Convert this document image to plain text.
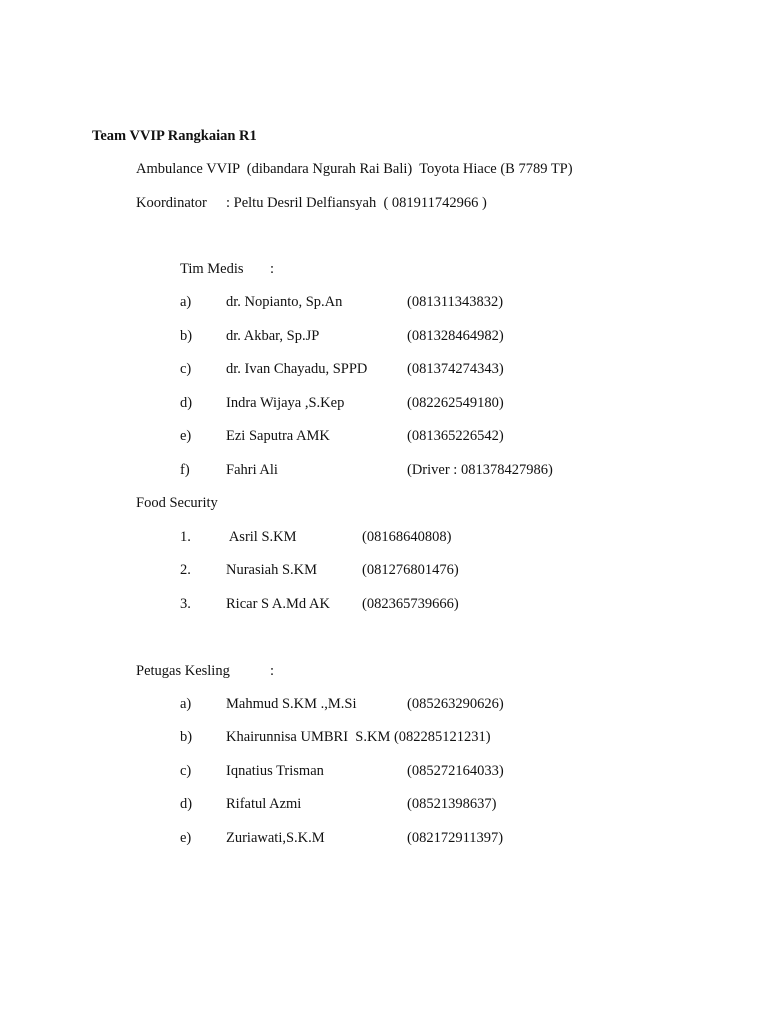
Team VVIP Rangkaian R1
Ambulance VVIP  (dibandara Ngurah Rai Bali)  Toyota Hiace (B 7789 TP)
Koordinator : Peltu Desril Delfiansyah  ( 081911742966 )
Tim Medis :
a) dr. Nopianto, Sp.An	(081311343832)
b) dr. Akbar, Sp.JP	(081328464982)
c) dr. Ivan Chayadu, SPPD	(081374274343)
d) Indra Wijaya ,S.Kep	(082262549180)
e) Ezi Saputra AMK	(081365226542)
f)	Fahri Ali	(Driver : 081378427986)
Food Security
1. Asril S.KM	(08168640808)
2. Nurasiah S.KM	(081276801476)
3. Ricar S A.Md AK (082365739666)
Petugas Kesling	:
a) Mahmud S.KM .,M.Si	(085263290626)
b) Khairunnisa UMBRI  S.KM (082285121231)
c) Iqnatius Trisman	(085272164033)
d) Rifatul Azmi	(08521398637)
e) Zuriawati,S.K.M	(082172911397)
